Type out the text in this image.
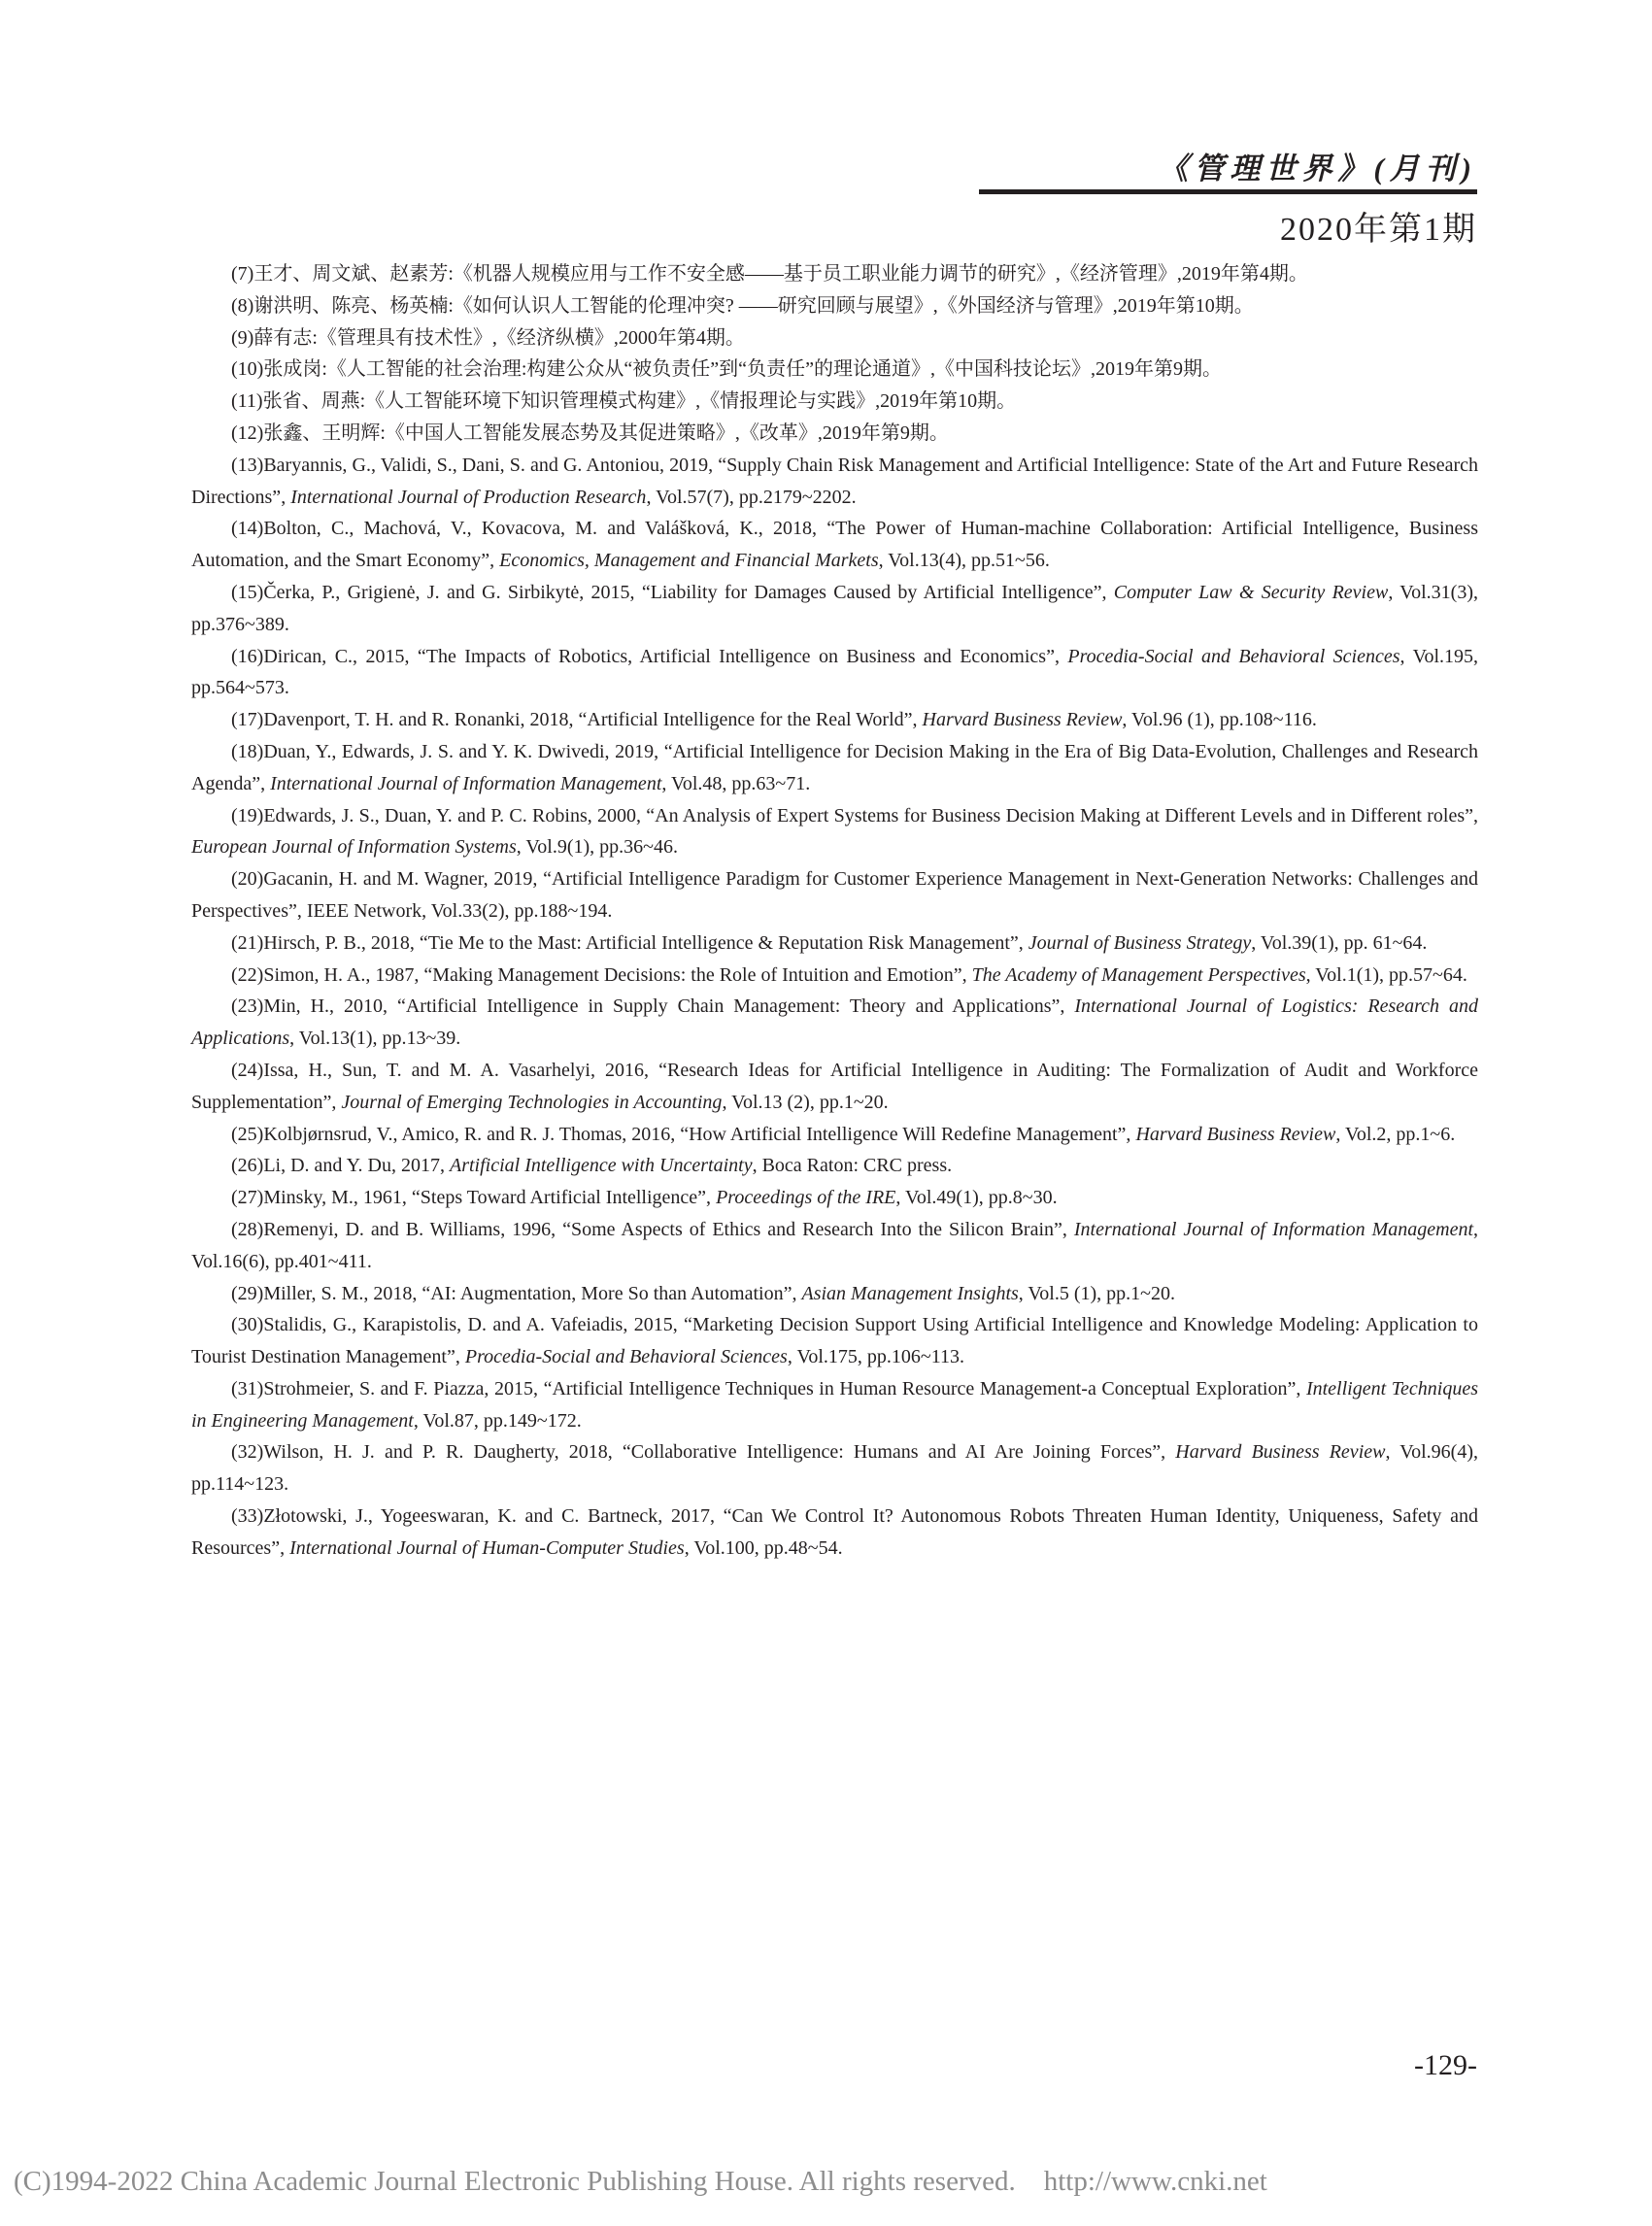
《管理世界》(月刊)
2020年第1期

(7)王才、周文斌、赵素芳:《机器人规模应用与工作不安全感——基于员工职业能力调节的研究》,《经济管理》,2019年第4期。

(8)谢洪明、陈亮、杨英楠:《如何认识人工智能的伦理冲突? ——研究回顾与展望》,《外国经济与管理》,2019年第10期。

(9)薛有志:《管理具有技术性》,《经济纵横》,2000年第4期。

(10)张成岗:《人工智能的社会治理:构建公众从“被负责任”到“负责任”的理论通道》,《中国科技论坛》,2019年第9期。

(11)张省、周燕:《人工智能环境下知识管理模式构建》,《情报理论与实践》,2019年第10期。

(12)张鑫、王明辉:《中国人工智能发展态势及其促进策略》,《改革》,2019年第9期。

(13)Baryannis, G., Validi, S., Dani, S. and G. Antoniou, 2019, “Supply Chain Risk Management and Artificial Intelligence: State of the Art and Future Research Directions”, International Journal of Production Research, Vol.57(7), pp.2179~2202.

(14)Bolton, C., Machová, V., Kovacova, M. and Valášková, K., 2018, “The Power of Human-machine Collaboration: Artificial Intelligence, Business Automation, and the Smart Economy”, Economics, Management and Financial Markets, Vol.13(4), pp.51~56.

(15)Čerka, P., Grigienė, J. and G. Sirbikytė, 2015, “Liability for Damages Caused by Artificial Intelligence”, Computer Law & Security Review, Vol.31(3), pp.376~389.

(16)Dirican, C., 2015, “The Impacts of Robotics, Artificial Intelligence on Business and Economics”, Procedia-Social and Behavioral Sciences, Vol.195, pp.564~573.

(17)Davenport, T. H. and R. Ronanki, 2018, “Artificial Intelligence for the Real World”, Harvard Business Review, Vol.96 (1), pp.108~116.

(18)Duan, Y., Edwards, J. S. and Y. K. Dwivedi, 2019, “Artificial Intelligence for Decision Making in the Era of Big Data-Evolution, Challenges and Research Agenda”, International Journal of Information Management, Vol.48, pp.63~71.

(19)Edwards, J. S., Duan, Y. and P. C. Robins, 2000, “An Analysis of Expert Systems for Business Decision Making at Different Levels and in Different roles”, European Journal of Information Systems, Vol.9(1), pp.36~46.

(20)Gacanin, H. and M. Wagner, 2019, “Artificial Intelligence Paradigm for Customer Experience Management in Next-Generation Networks: Challenges and Perspectives”, IEEE Network, Vol.33(2), pp.188~194.

(21)Hirsch, P. B., 2018, “Tie Me to the Mast: Artificial Intelligence & Reputation Risk Management”, Journal of Business Strategy, Vol.39(1), pp. 61~64.

(22)Simon, H. A., 1987, “Making Management Decisions: the Role of Intuition and Emotion”, The Academy of Management Perspectives, Vol.1(1), pp.57~64.

(23)Min, H., 2010, “Artificial Intelligence in Supply Chain Management: Theory and Applications”, International Journal of Logistics: Research and Applications, Vol.13(1), pp.13~39.

(24)Issa, H., Sun, T. and M. A. Vasarhelyi, 2016, “Research Ideas for Artificial Intelligence in Auditing: The Formalization of Audit and Workforce Supplementation”, Journal of Emerging Technologies in Accounting, Vol.13 (2), pp.1~20.

(25)Kolbjørnsrud, V., Amico, R. and R. J. Thomas, 2016, “How Artificial Intelligence Will Redefine Management”, Harvard Business Review, Vol.2, pp.1~6.

(26)Li, D. and Y. Du, 2017, Artificial Intelligence with Uncertainty, Boca Raton: CRC press.

(27)Minsky, M., 1961, “Steps Toward Artificial Intelligence”, Proceedings of the IRE, Vol.49(1), pp.8~30.

(28)Remenyi, D. and B. Williams, 1996, “Some Aspects of Ethics and Research Into the Silicon Brain”, International Journal of Information Management, Vol.16(6), pp.401~411.

(29)Miller, S. M., 2018, “AI: Augmentation, More So than Automation”, Asian Management Insights, Vol.5 (1), pp.1~20.

(30)Stalidis, G., Karapistolis, D. and A. Vafeiadis, 2015, “Marketing Decision Support Using Artificial Intelligence and Knowledge Modeling: Application to Tourist Destination Management”, Procedia-Social and Behavioral Sciences, Vol.175, pp.106~113.

(31)Strohmeier, S. and F. Piazza, 2015, “Artificial Intelligence Techniques in Human Resource Management-a Conceptual Exploration”, Intelligent Techniques in Engineering Management, Vol.87, pp.149~172.

(32)Wilson, H. J. and P. R. Daugherty, 2018, “Collaborative Intelligence: Humans and AI Are Joining Forces”, Harvard Business Review, Vol.96(4), pp.114~123.

(33)Złotowski, J., Yogeeswaran, K. and C. Bartneck, 2017, “Can We Control It? Autonomous Robots Threaten Human Identity, Uniqueness, Safety and Resources”, International Journal of Human-Computer Studies, Vol.100, pp.48~54.

-129-
(C)1994-2022 China Academic Journal Electronic Publishing House. All rights reserved.    http://www.cnki.net
